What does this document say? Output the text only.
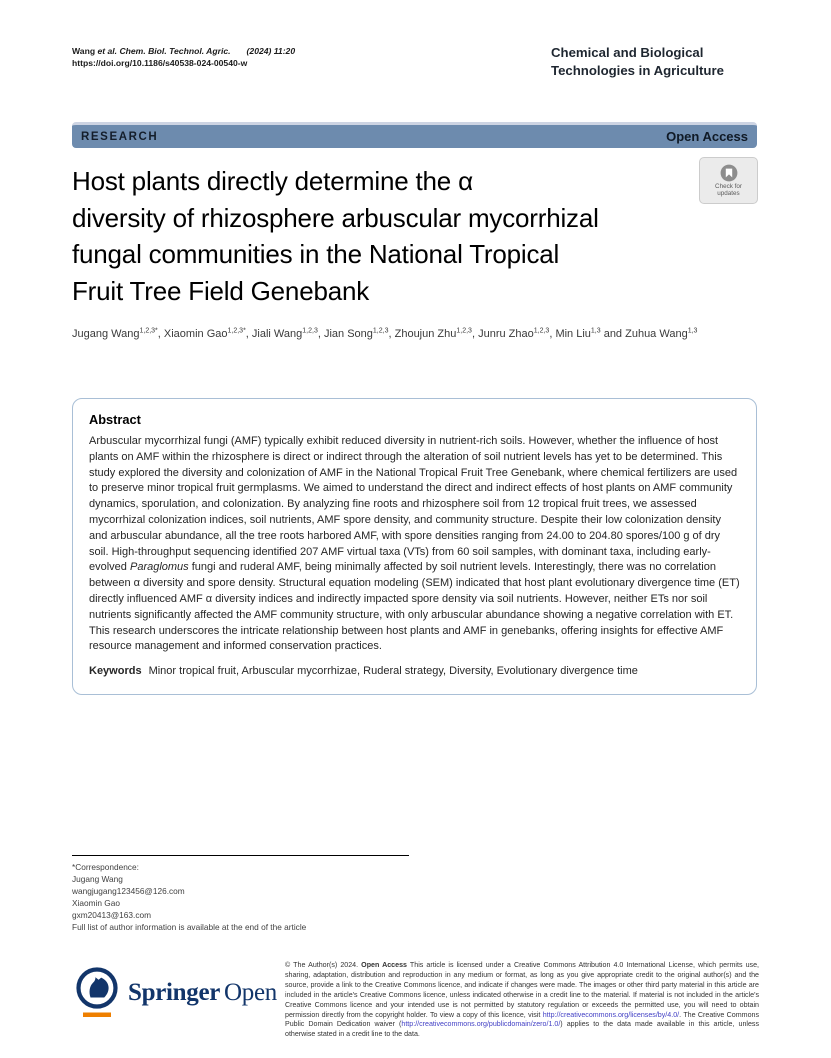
Wang et al. Chem. Biol. Technol. Agric. (2024) 11:20
https://doi.org/10.1186/s40538-024-00540-w
Chemical and Biological
Technologies in Agriculture
RESEARCH	Open Access
Host plants directly determine the α
diversity of rhizosphere arbuscular mycorrhizal
fungal communities in the National Tropical
Fruit Tree Field Genebank
Check for
updates
Jugang Wang$^{1,2,3*}$, Xiaomin Gao$^{1,2,3*}$, Jiali Wang$^{1,2,3}$, Jian Song$^{1,2,3}$, Zhoujun Zhu$^{1,2,3}$, Junru Zhao$^{1,2,3}$, Min Liu$^{1,3}$ and Zuhua Wang$^{1,3}$
Abstract
Arbuscular mycorrhizal fungi (AMF) typically exhibit reduced diversity in nutrient-rich soils. However, whether the influence of host plants on AMF within the rhizosphere is direct or indirect through the alteration of soil nutrient levels has yet to be determined. This study explored the diversity and colonization of AMF in the National Tropical Fruit Tree Genebank, where chemical fertilizers are used to preserve minor tropical fruit germplasms. We aimed to understand the direct and indirect effects of host plants on AMF community dynamics, sporulation, and colonization. By analyzing fine roots and rhizosphere soil from 12 tropical fruit trees, we assessed mycorrhizal colonization indices, soil nutrients, AMF spore density, and community structure. Despite their low colonization density and arbuscular abundance, all the tree roots harbored AMF, with spore densities ranging from 24.00 to 204.80 spores/100 g of dry soil. High-throughput sequencing identified 207 AMF virtual taxa (VTs) from 60 soil samples, with dominant taxa, including early-evolved Paraglomus fungi and ruderal AMF, being minimally affected by soil nutrient levels. Interestingly, there was no correlation between α diversity and spore density. Structural equation modeling (SEM) indicated that host plant evolutionary divergence time (ET) directly influenced AMF α diversity indices and indirectly impacted spore density via soil nutrients. However, neither ETs nor soil nutrients significantly affected the AMF community structure, with only arbuscular abundance showing a negative correlation with ET. This research underscores the intricate relationship between host plants and AMF in genebanks, offering insights for effective AMF resource management and informed conservation practices.
Keywords Minor tropical fruit, Arbuscular mycorrhizae, Ruderal strategy, Diversity, Evolutionary divergence time
*Correspondence:
Jugang Wang
wangjugang123456@126.com
Xiaomin Gao
gxm20413@163.com
Full list of author information is available at the end of the article
Springer Open
© The Author(s) 2024. Open Access This article is licensed under a Creative Commons Attribution 4.0 International License, which permits use, sharing, adaptation, distribution and reproduction in any medium or format, as long as you give appropriate credit to the original author(s) and the source, provide a link to the Creative Commons licence, and indicate if changes were made. The images or other third party material in this article are included in the article's Creative Commons licence, unless indicated otherwise in a credit line to the material. If material is not included in the article's Creative Commons licence and your intended use is not permitted by statutory regulation or exceeds the permitted use, you will need to obtain permission directly from the copyright holder. To view a copy of this licence, visit http://creativecommons.org/licenses/by/4.0/. The Creative Commons Public Domain Dedication waiver (http://creativecommons.org/publicdomain/zero/1.0/) applies to the data made available in this article, unless otherwise stated in a credit line to the data.
